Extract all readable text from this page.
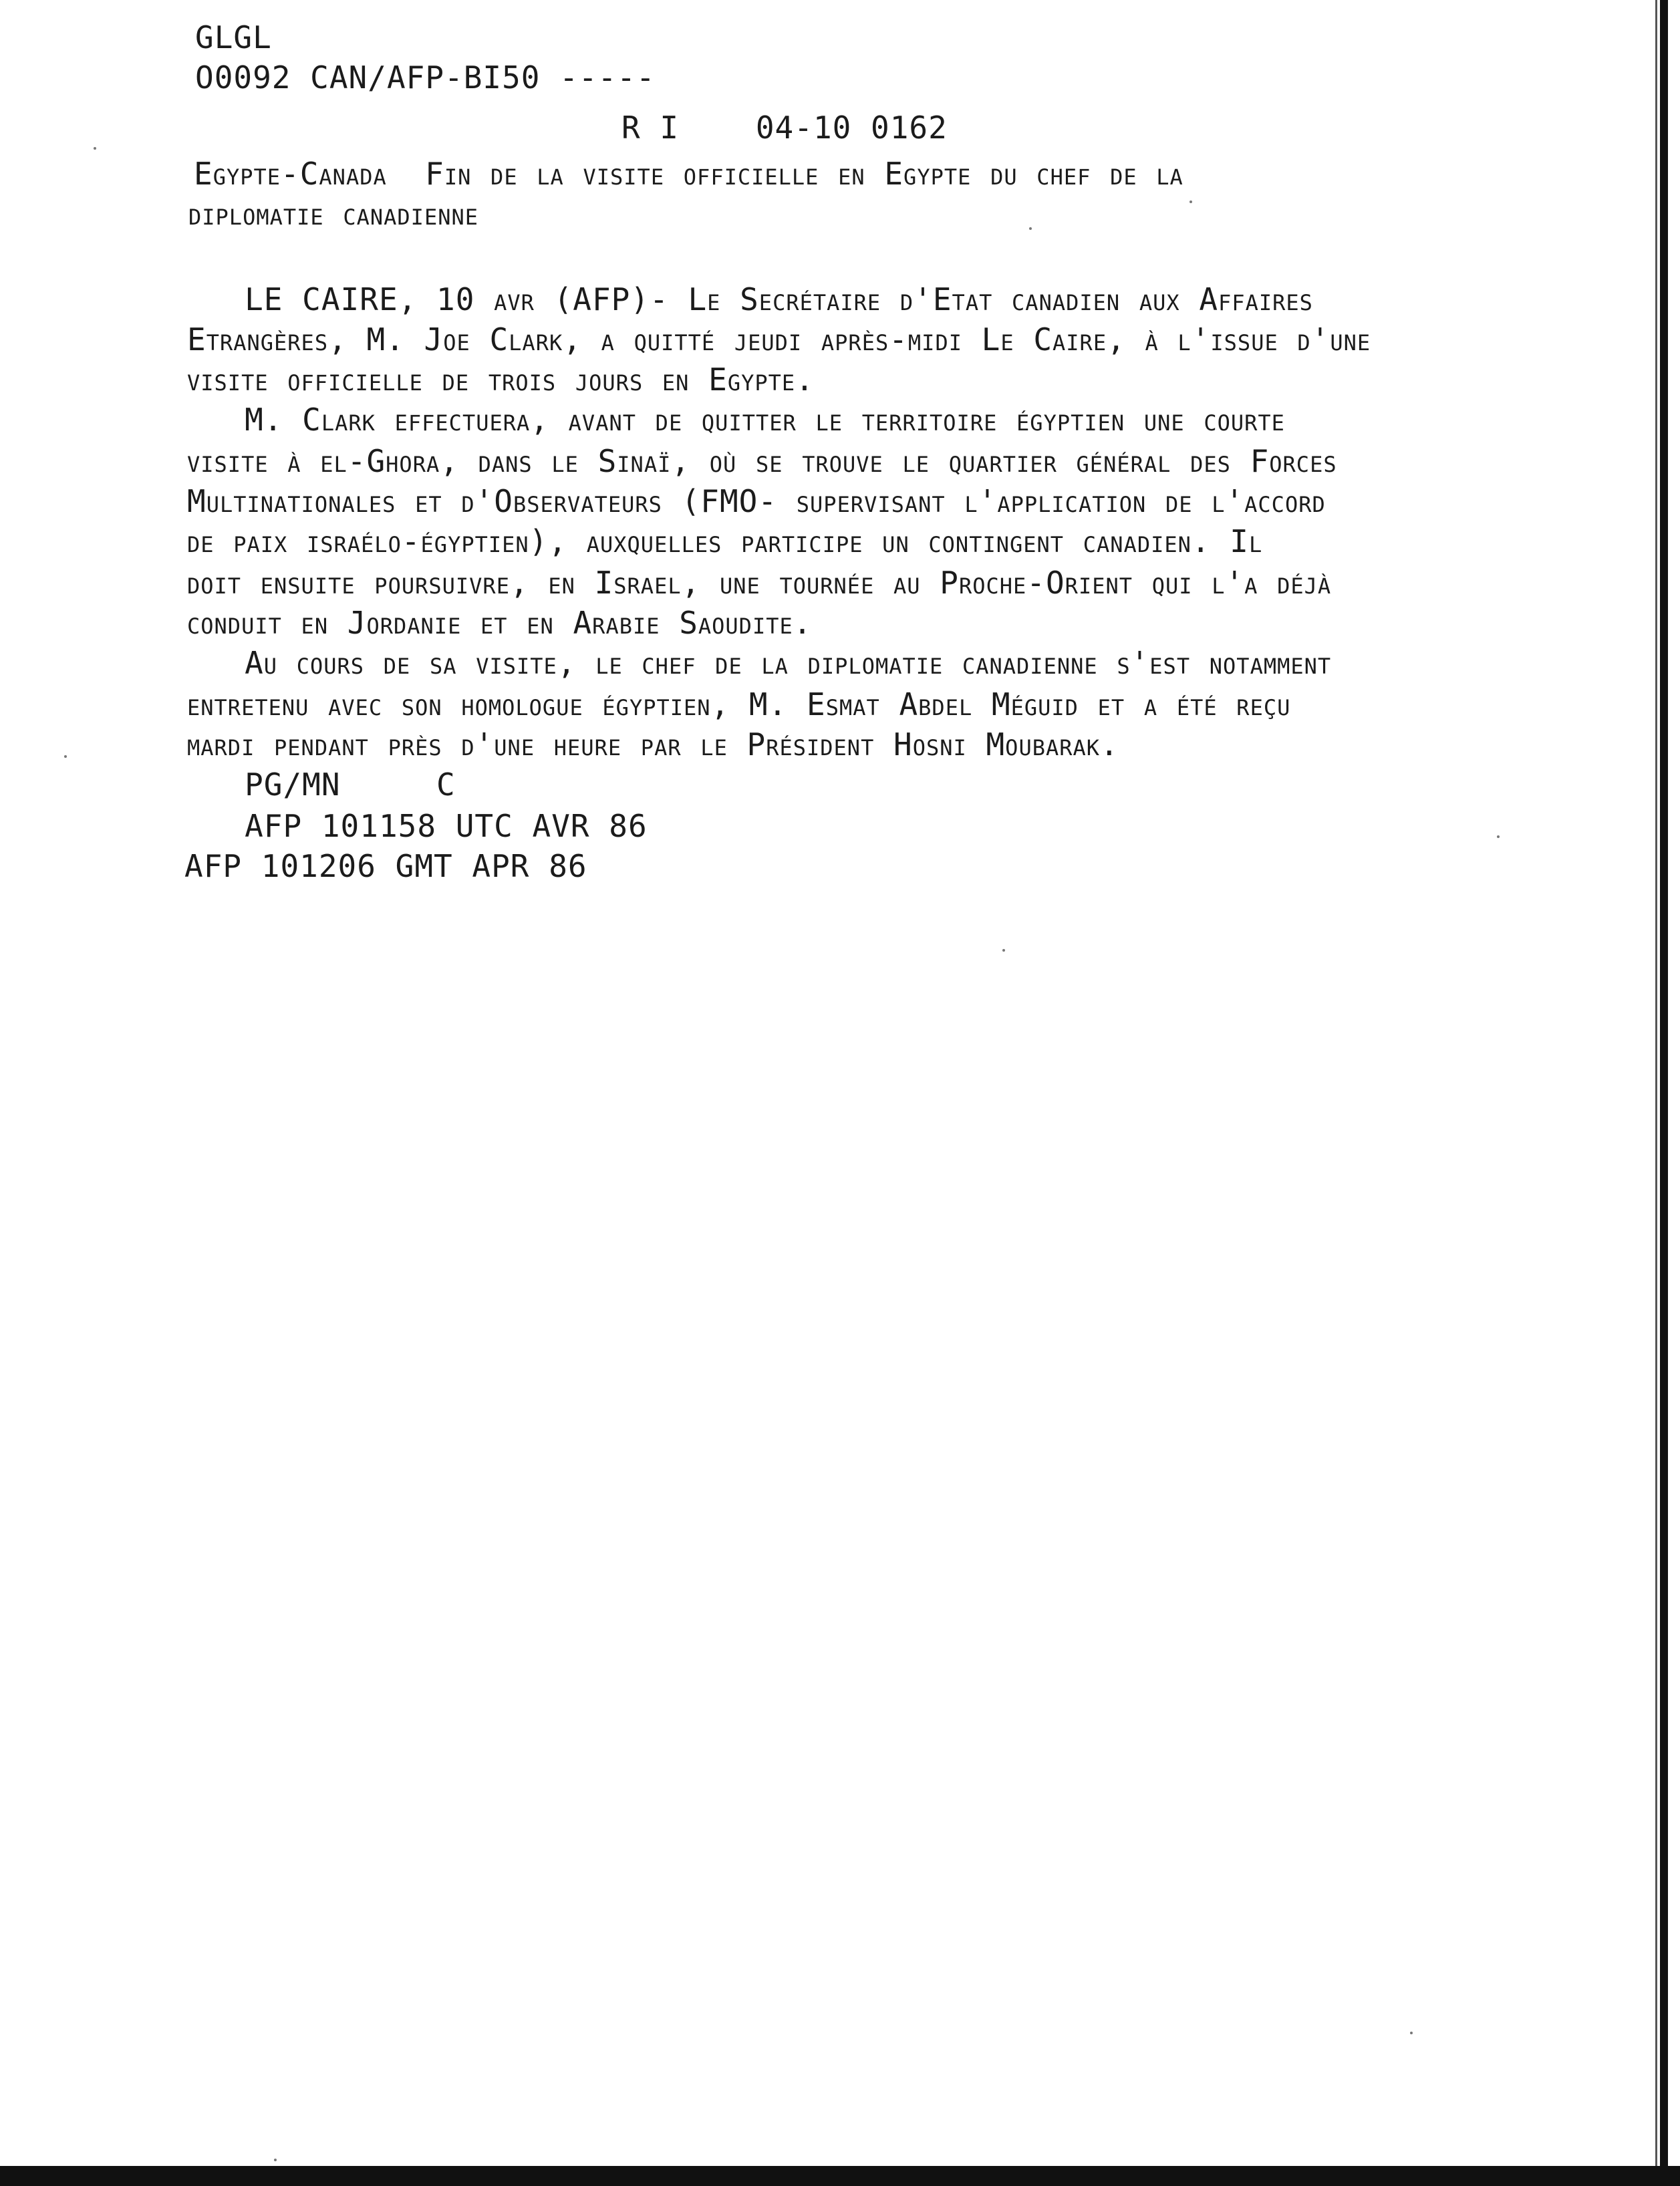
GLGL
O0092 CAN/AFP-BI50 -----
R I    04-10 0162
Egypte-Canada  Fin de la visite officielle en Egypte du chef de la
diplomatie canadienne
LE CAIRE, 10 avr (AFP)- Le Secrétaire d'Etat canadien aux Affaires
Etrangères, M. Joe Clark, a quitté jeudi après-midi Le Caire, à l'issue d'une
visite officielle de trois jours en Egypte.
M. Clark effectuera, avant de quitter le territoire égyptien une courte
visite à el-Ghora, dans le Sinaï, où se trouve le quartier général des Forces
Multinationales et d'Observateurs (FMO- supervisant l'application de l'accord
de paix israélo-égyptien), auxquelles participe un contingent canadien. Il
doit ensuite poursuivre, en Israel, une tournée au Proche-Orient qui l'a déjà
conduit en Jordanie et en Arabie Saoudite.
Au cours de sa visite, le chef de la diplomatie canadienne s'est notamment
entretenu avec son homologue égyptien, M. Esmat Abdel Méguid et a été reçu
mardi pendant près d'une heure par le Président Hosni Moubarak.
PG/MN     C
AFP 101158 UTC AVR 86
AFP 101206 GMT APR 86
